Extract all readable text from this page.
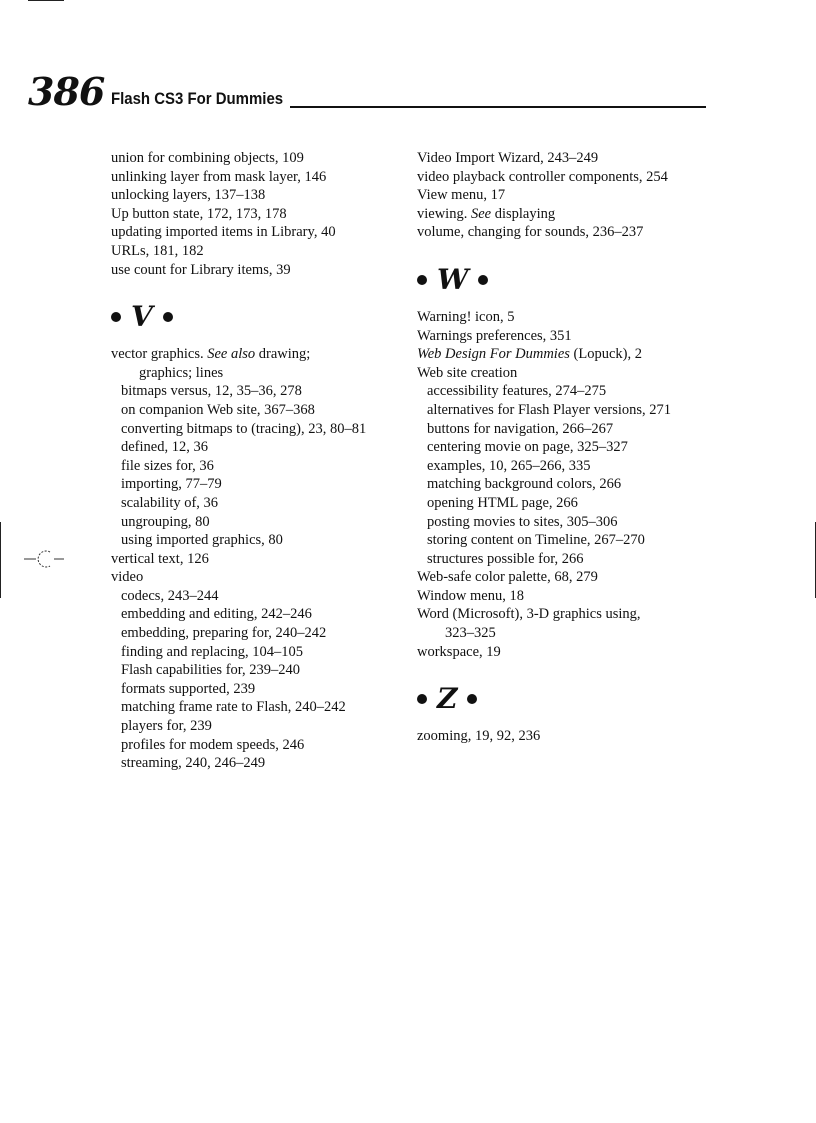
386 Flash CS3 For Dummies
union for combining objects, 109
unlinking layer from mask layer, 146
unlocking layers, 137–138
Up button state, 172, 173, 178
updating imported items in Library, 40
URLs, 181, 182
use count for Library items, 39
V
vector graphics. See also drawing;
graphics; lines
bitmaps versus, 12, 35–36, 278
on companion Web site, 367–368
converting bitmaps to (tracing), 23, 80–81
defined, 12, 36
file sizes for, 36
importing, 77–79
scalability of, 36
ungrouping, 80
using imported graphics, 80
vertical text, 126
video
codecs, 243–244
embedding and editing, 242–246
embedding, preparing for, 240–242
finding and replacing, 104–105
Flash capabilities for, 239–240
formats supported, 239
matching frame rate to Flash, 240–242
players for, 239
profiles for modem speeds, 246
streaming, 240, 246–249
Video Import Wizard, 243–249
video playback controller components, 254
View menu, 17
viewing. See displaying
volume, changing for sounds, 236–237
W
Warning! icon, 5
Warnings preferences, 351
Web Design For Dummies (Lopuck), 2
Web site creation
accessibility features, 274–275
alternatives for Flash Player versions, 271
buttons for navigation, 266–267
centering movie on page, 325–327
examples, 10, 265–266, 335
matching background colors, 266
opening HTML page, 266
posting movies to sites, 305–306
storing content on Timeline, 267–270
structures possible for, 266
Web-safe color palette, 68, 279
Window menu, 18
Word (Microsoft), 3-D graphics using,
323–325
workspace, 19
Z
zooming, 19, 92, 236
